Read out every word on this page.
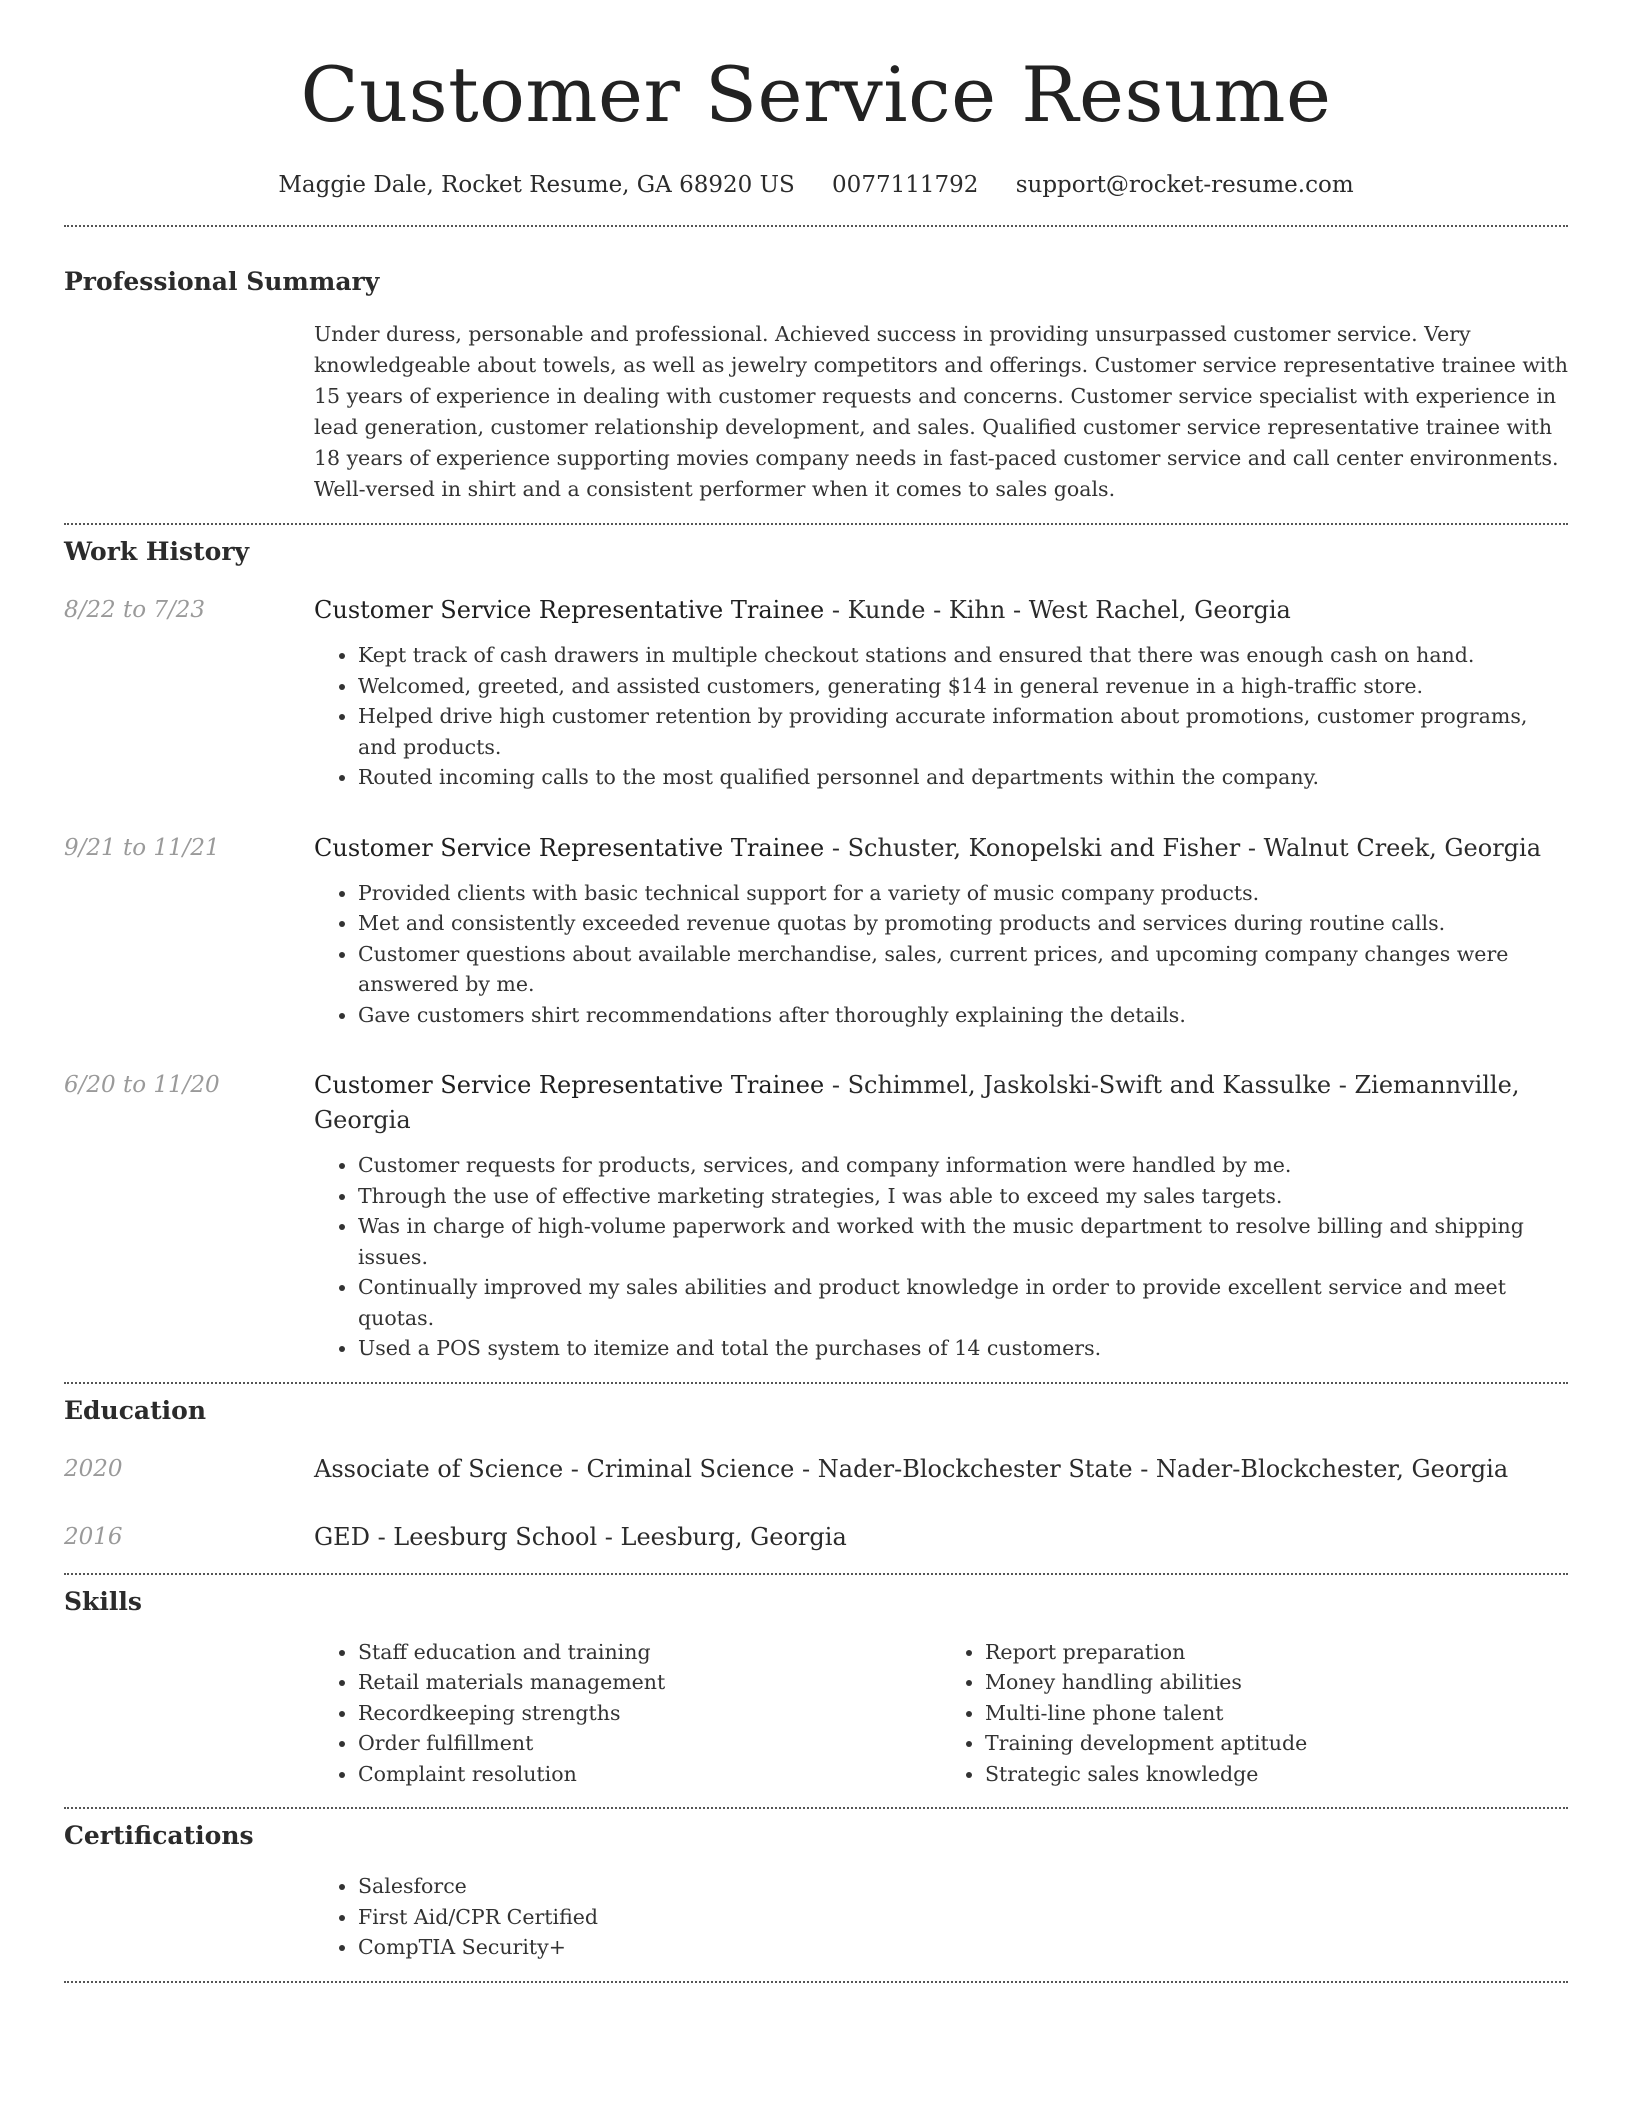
Customer Service Resume
Maggie Dale, Rocket Resume, GA 68920 US 0077111792 support@rocket-resume.com
Professional Summary

Under duress, personable and professional. Achieved success in providing unsurpassed customer service. Very knowledgeable about towels, as well as jewelry competitors and offerings. Customer service representative trainee with 15 years of experience in dealing with customer requests and concerns. Customer service specialist with experience in lead generation, customer relationship development, and sales. Qualified customer service representative trainee with 18 years of experience supporting movies company needs in fast-paced customer service and call center environments. Well-versed in shirt and a consistent performer when it comes to sales goals.

Work History
8/22 to 7/23	Customer Service Representative Trainee - Kunde - Kihn - West Rachel, Georgia
• Kept track of cash drawers in multiple checkout stations and ensured that there was enough cash on hand.
• Welcomed, greeted, and assisted customers, generating $14 in general revenue in a high-traffic store.
• Helped drive high customer retention by providing accurate information about promotions, customer programs, and products.
• Routed incoming calls to the most qualified personnel and departments within the company.
9/21 to 11/21	Customer Service Representative Trainee - Schuster, Konopelski and Fisher - Walnut Creek, Georgia
• Provided clients with basic technical support for a variety of music company products.
• Met and consistently exceeded revenue quotas by promoting products and services during routine calls.
• Customer questions about available merchandise, sales, current prices, and upcoming company changes were answered by me.
• Gave customers shirt recommendations after thoroughly explaining the details.
6/20 to 11/20	Customer Service Representative Trainee - Schimmel, Jaskolski-Swift and Kassulke - Ziemannville, Georgia
• Customer requests for products, services, and company information were handled by me.
• Through the use of effective marketing strategies, I was able to exceed my sales targets.
• Was in charge of high-volume paperwork and worked with the music department to resolve billing and shipping issues.
• Continually improved my sales abilities and product knowledge in order to provide excellent service and meet quotas.
• Used a POS system to itemize and total the purchases of 14 customers.
Education
2020	Associate of Science - Criminal Science - Nader-Blockchester State - Nader-Blockchester, Georgia
2016	GED - Leesburg School - Leesburg, Georgia
Skills
• Staff education and training
• Retail materials management
• Recordkeeping strengths
• Order fulfillment
• Complaint resolution
• Report preparation
• Money handling abilities
• Multi-line phone talent
• Training development aptitude
• Strategic sales knowledge
Certifications
• Salesforce
• First Aid/CPR Certified
• CompTIA Security+
